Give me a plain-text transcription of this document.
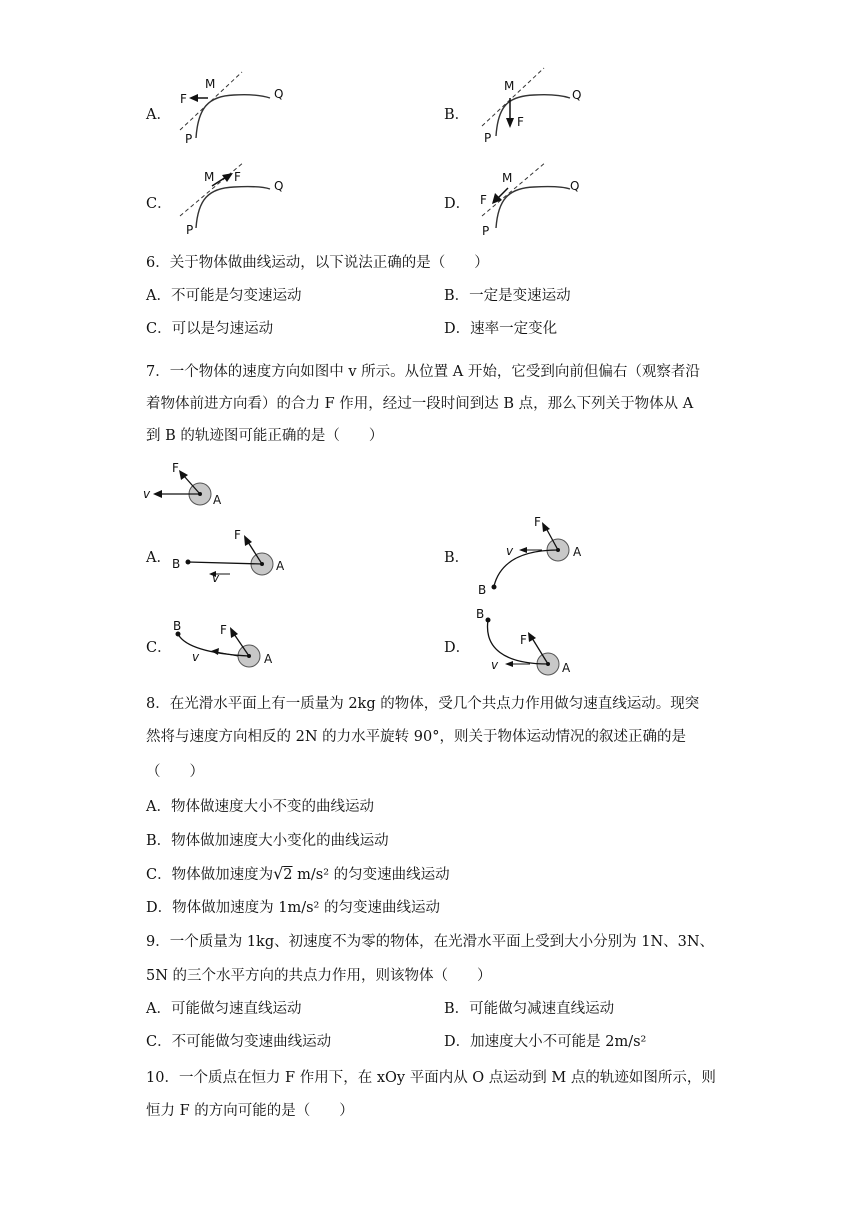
A．
F
M
Q
P
B．
M
Q
F
P
C．
M F
Q
P
D． F
M
Q
P
6．关于物体做曲线运动，以下说法正确的是（　　）
A．不可能是匀变速运动	B．一定是变速运动
C．可以是匀速运动	D．速率一定变化
7．一个物体的速度方向如图中 v 所示。从位置 A 开始，它受到向前但偏右（观察者沿
着物体前进方向看）的合力 F 作用，经过一段时间到达 B 点，那么下列关于物体从 A
到 B 的轨迹图可能正确的是（　　）
v
F
A
A． B
F
v
A	B．
F
v	A
B
C．
B	F
v	A
D．
B
F
v	A
8．在光滑水平面上有一质量为 2kg 的物体，受几个共点力作用做匀速直线运动。现突
然将与速度方向相反的 2N 的力水平旋转 90°，则关于物体运动情况的叙述正确的是
（　　）
A．物体做速度大小不变的曲线运动
B．物体做加速度大小变化的曲线运动
C．物体做加速度为√2 m/s² 的匀变速曲线运动
D．物体做加速度为 1m/s² 的匀变速曲线运动
9．一个质量为 1kg、初速度不为零的物体，在光滑水平面上受到大小分别为 1N、3N、
5N 的三个水平方向的共点力作用，则该物体（　　）
A．可能做匀速直线运动	B．可能做匀减速直线运动
C．不可能做匀变速曲线运动	D．加速度大小不可能是 2m/s²
10．一个质点在恒力 F 作用下，在 xOy 平面内从 O 点运动到 M 点的轨迹如图所示，则
恒力 F 的方向可能的是（　　）
